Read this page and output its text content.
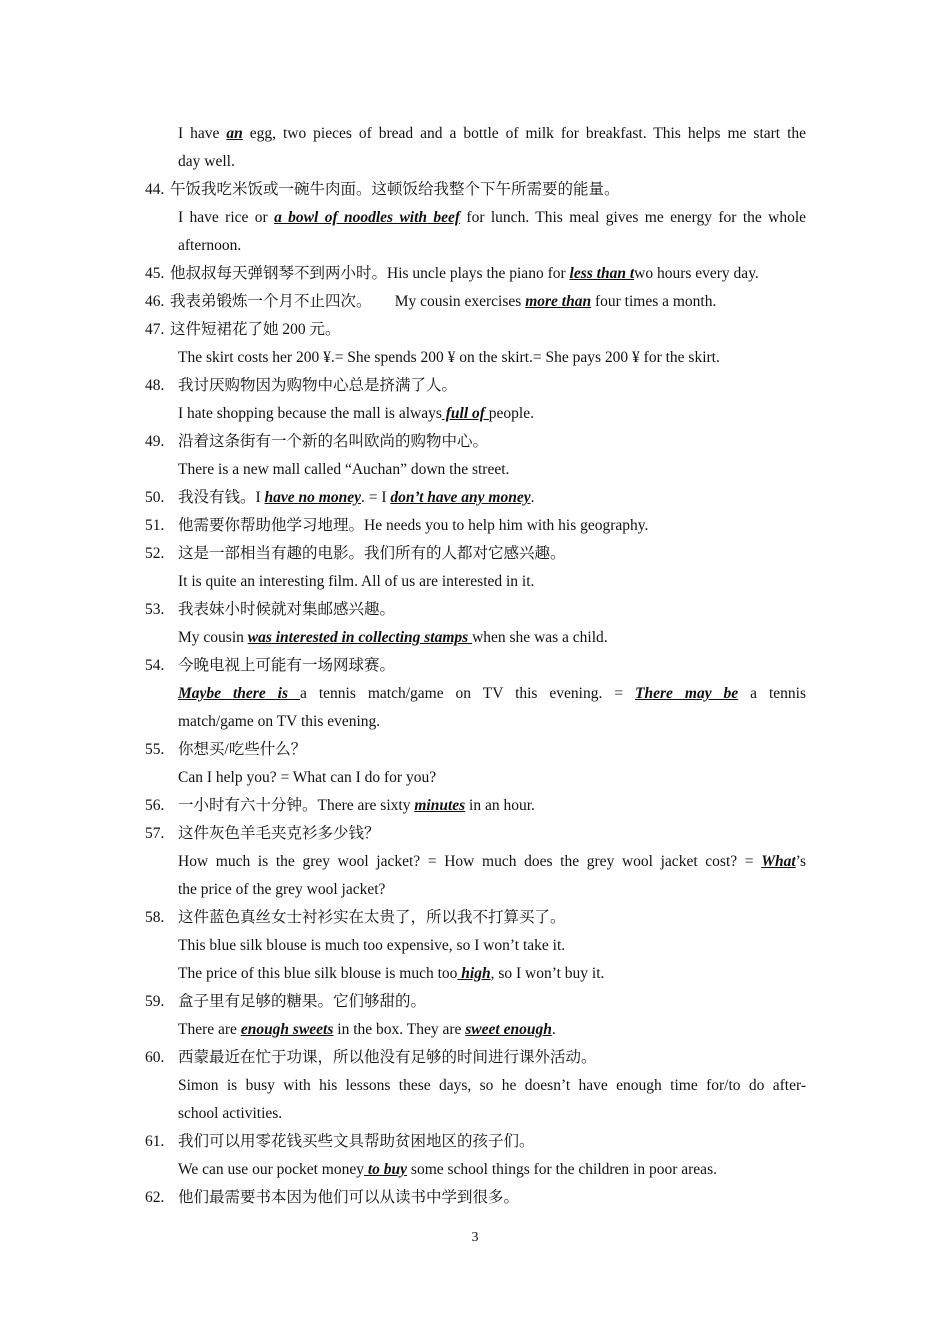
I have an egg, two pieces of bread and a bottle of milk for breakfast. This helps me start the
day well.
44. 午饭我吃米饭或一碗牛肉面。这顿饭给我整个下午所需要的能量。
I have rice or a bowl of noodles with beef for lunch. This meal gives me energy for the whole
afternoon.
45. 他叔叔每天弹钢琴不到两小时。His uncle plays the piano for less than two hours every day.
46. 我表弟锻炼一个月不止四次。　　My cousin exercises more than four times a month.
47. 这件短裙花了她 200 元。
The skirt costs her 200 ¥.= She spends 200 ¥ on the skirt.= She pays 200 ¥ for the skirt.
48. 我讨厌购物因为购物中心总是挤满了人。
I hate shopping because the mall is always full of people.
49. 沿着这条街有一个新的名叫欧尚的购物中心。
There is a new mall called “Auchan” down the street.
50. 我没有钱。I have no money. = I don’t have any money.
51. 他需要你帮助他学习地理。He needs you to help him with his geography.
52. 这是一部相当有趣的电影。我们所有的人都对它感兴趣。
It is quite an interesting film. All of us are interested in it.
53. 我表妹小时候就对集邮感兴趣。
My cousin was interested in collecting stamps when she was a child.
54. 今晚电视上可能有一场网球赛。
Maybe there is a tennis match/game on TV this evening. = There may be a tennis
match/game on TV this evening.
55. 你想买/吃些什么？
Can I help you? = What can I do for you?
56. 一小时有六十分钟。There are sixty minutes in an hour.
57. 这件灰色羊毛夹克衫多少钱？
How much is the grey wool jacket? = How much does the grey wool jacket cost? = What’s
the price of the grey wool jacket?
58. 这件蓝色真丝女士衬衫实在太贵了，所以我不打算买了。
This blue silk blouse is much too expensive, so I won’t take it.
The price of this blue silk blouse is much too high, so I won’t buy it.
59. 盒子里有足够的糖果。它们够甜的。
There are enough sweets in the box. They are sweet enough.
60. 西蒙最近在忙于功课，所以他没有足够的时间进行课外活动。
Simon is busy with his lessons these days, so he doesn’t have enough time for/to do after-
school activities.
61. 我们可以用零花钱买些文具帮助贫困地区的孩子们。
We can use our pocket money to buy some school things for the children in poor areas.
62. 他们最需要书本因为他们可以从读书中学到很多。
3
